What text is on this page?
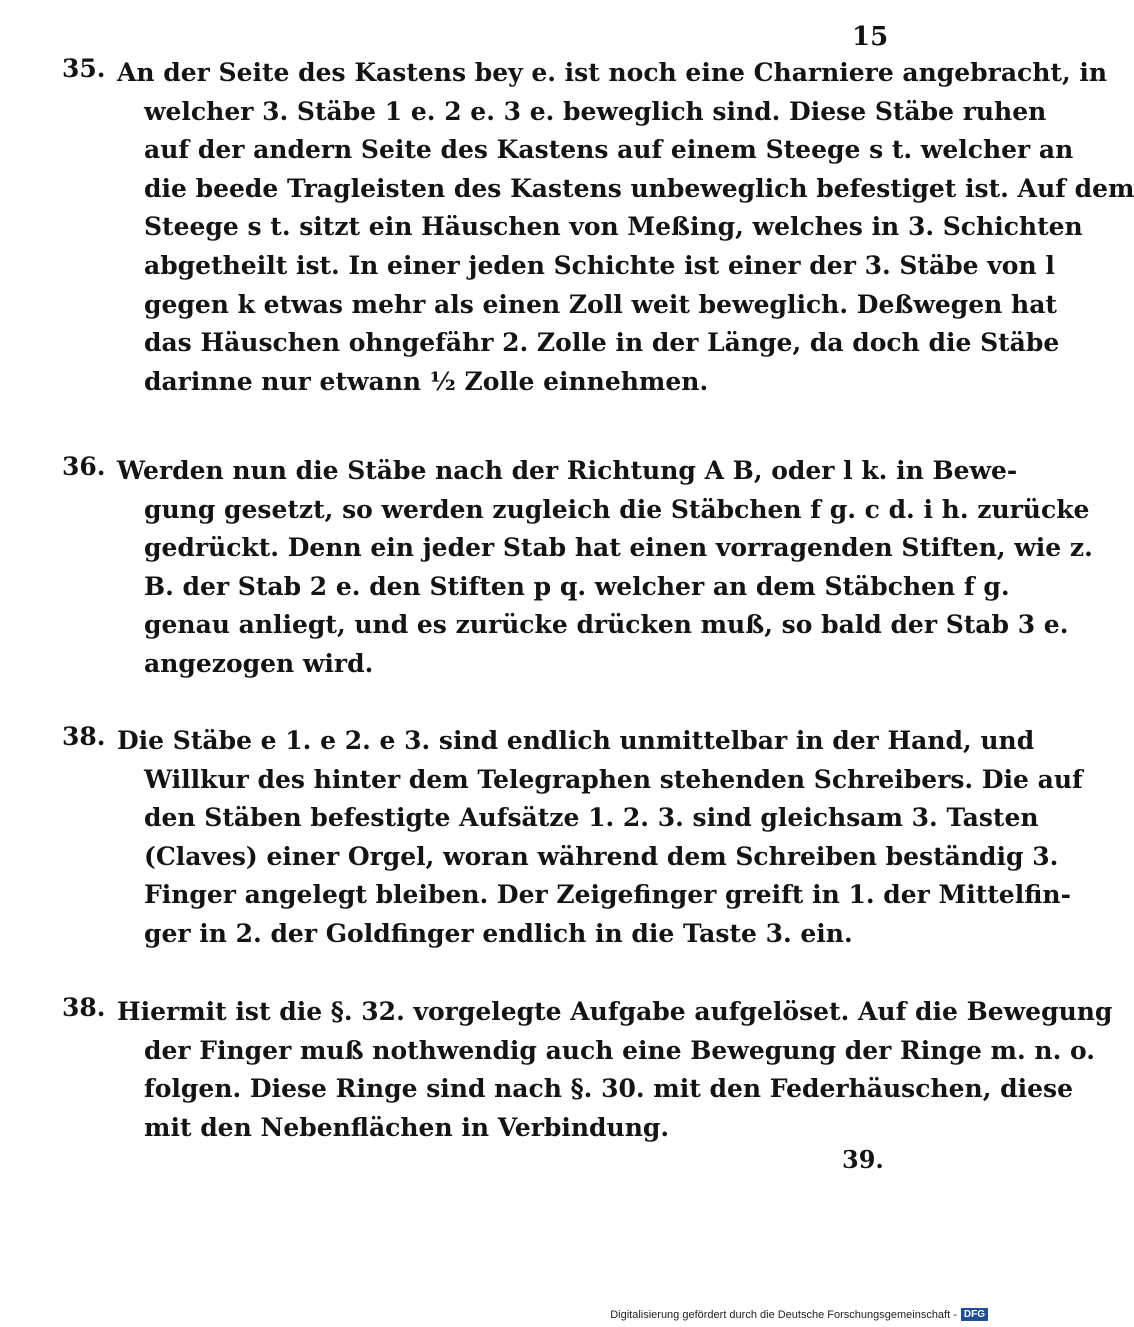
15
35. An der Seite des Kastens bey e. ist noch eine Charniere angebracht, in
welcher 3. Stäbe 1 e. 2 e. 3 e. beweglich sind. Diese Stäbe ruhen
auf der andern Seite des Kastens auf einem Steege s t. welcher an
die beede Tragleisten des Kastens unbeweglich befestiget ist. Auf dem
Steege s t. sitzt ein Häuschen von Meßing, welches in 3. Schichten
abgetheilt ist. In einer jeden Schichte ist einer der 3. Stäbe von l
gegen k etwas mehr als einen Zoll weit beweglich. Deßwegen hat
das Häuschen ohngefähr 2. Zolle in der Länge, da doch die Stäbe
darinne nur etwann ½ Zolle einnehmen.
36. Werden nun die Stäbe nach der Richtung A B, oder l k. in Bewe-
gung gesetzt, so werden zugleich die Stäbchen f g. c d. i h. zurücke
gedrückt. Denn ein jeder Stab hat einen vorragenden Stiften, wie z.
B. der Stab 2 e. den Stiften p q. welcher an dem Stäbchen f g.
genau anliegt, und es zurücke drücken muß, so bald der Stab 3 e.
angezogen wird.
38. Die Stäbe e 1. e 2. e 3. sind endlich unmittelbar in der Hand, und
Willkur des hinter dem Telegraphen stehenden Schreibers. Die auf
den Stäben befestigte Aufsätze 1. 2. 3. sind gleichsam 3. Tasten
(Claves) einer Orgel, woran während dem Schreiben beständig 3.
Finger angelegt bleiben. Der Zeigefinger greift in 1. der Mittelfin-
ger in 2. der Goldfinger endlich in die Taste 3. ein.
38. Hiermit ist die §. 32. vorgelegte Aufgabe aufgelöset. Auf die Bewegung
der Finger muß nothwendig auch eine Bewegung der Ringe m. n. o.
folgen. Diese Ringe sind nach §. 30. mit den Federhäuschen, diese
mit den Nebenflächen in Verbindung.
39.
Digitalisierung gefördert durch die Deutsche Forschungsgemeinschaft - DFG
